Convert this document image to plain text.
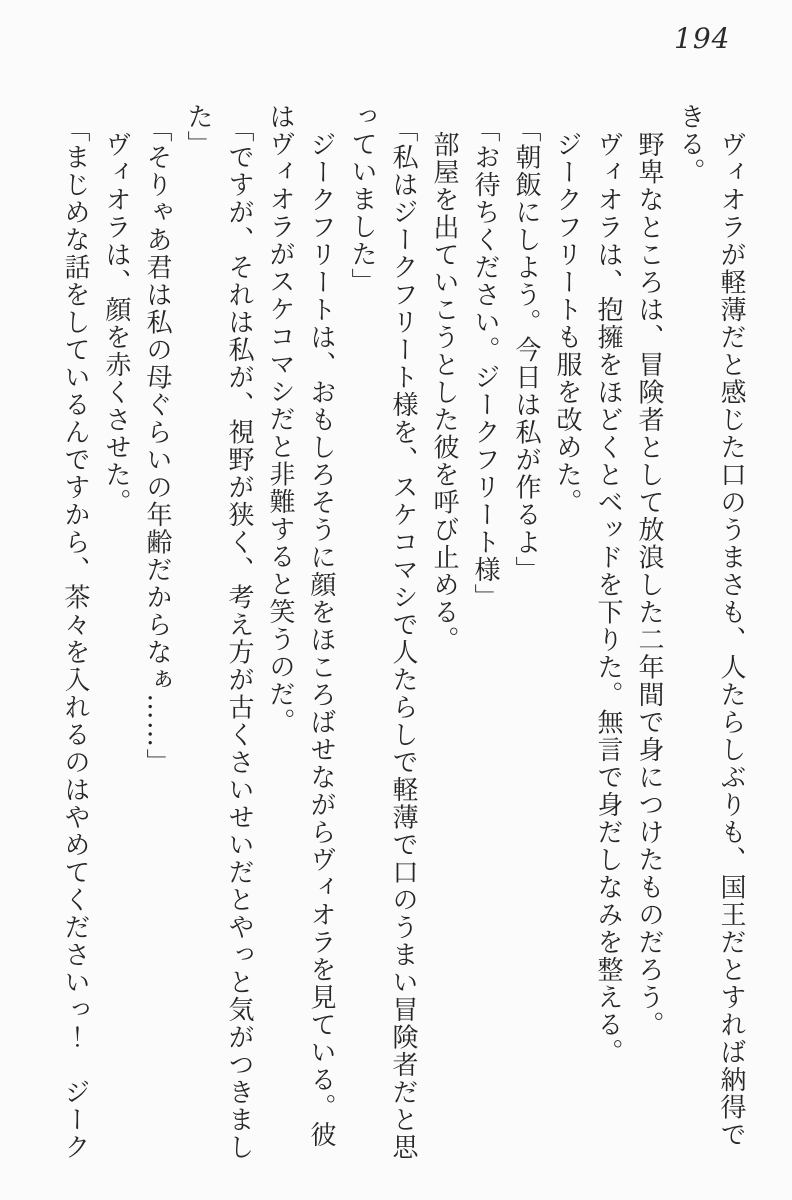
194
ヴィオラが軽薄だと感じた口のうまさも、人たらしぶりも、国王だとすれば納得で
きる。
野卑なところは、冒険者として放浪した二年間で身につけたものだろう。
ヴィオラは、抱擁をほどくとベッドを下りた。無言で身だしなみを整える。
ジークフリートも服を改めた。
「朝飯にしよう。今日は私が作るよ」
「お待ちください。ジークフリート様」
部屋を出ていこうとした彼を呼び止める。
「私はジークフリート様を、スケコマシで人たらしで軽薄で口のうまい冒険者だと思
っていました」
ジークフリートは、おもしろそうに顔をほころばせながらヴィオラを見ている。彼
はヴィオラがスケコマシだと非難すると笑うのだ。
「ですが、それは私が、視野が狭く、考え方が古くさいせいだとやっと気がつきまし
た」
「そりゃあ君は私の母ぐらいの年齢だからなぁ……」
ヴィオラは、顔を赤くさせた。
「まじめな話をしているんですから、茶々を入れるのはやめてくださいっ！　ジーク
